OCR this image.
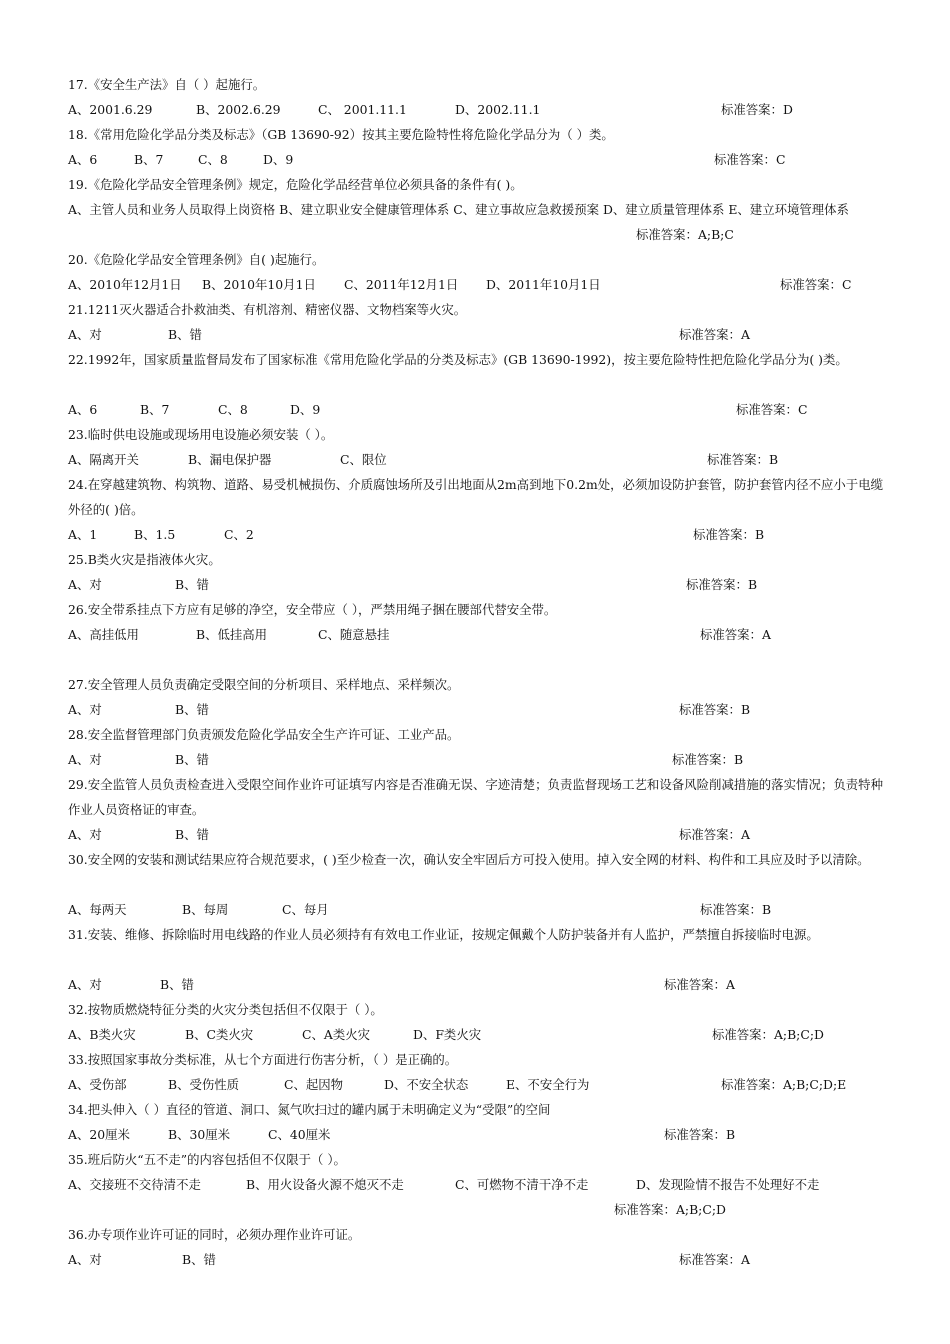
17.《安全生产法》自（ ）起施行。
A、2001.6.29	B、2002.6.29	C、 2001.11.1	D、2002.11.1	标准答案：D
18.《常用危险化学品分类及标志》（GB 13690-92）按其主要危险特性将危险化学品分为（ ）类。
A、6	B、7	C、8	D、9	标准答案：C
19.《危险化学品安全管理条例》规定，危险化学品经营单位必须具备的条件有( )。
A、主管人员和业务人员取得上岗资格 B、建立职业安全健康管理体系 C、建立事故应急救援预案 D、建立质量管理体系 E、建立环境管理体系
标准答案：A;B;C
20.《危险化学品安全管理条例》自( )起施行。
A、2010年12月1日 B、2010年10月1日 C、2011年12月1日 D、2011年10月1日	标准答案：C
21.1211灭火器适合扑救油类、有机溶剂、精密仪器、文物档案等火灾。
A、对	B、错	标准答案：A
22.1992年，国家质量监督局发布了国家标准《常用危险化学品的分类及标志》(GB 13690-1992)，按主要危险特性把危险化学品分为( )类。
A、6	B、7	C、8	D、9	标准答案：C
23.临时供电设施或现场用电设施必须安装（ ）。
A、隔离开关	B、漏电保护器	C、限位	标准答案：B
24.在穿越建筑物、构筑物、道路、易受机械损伤、介质腐蚀场所及引出地面从2m高到地下0.2m处，必须加设防护套管，防护套管内径不应小于电缆外径的( )倍。
A、1	B、1.5	C、2	标准答案：B
25.B类火灾是指液体火灾。
A、对	B、错	标准答案：B
26.安全带系挂点下方应有足够的净空，安全带应（ ），严禁用绳子捆在腰部代替安全带。
A、高挂低用	B、低挂高用	C、随意悬挂	标准答案：A
27.安全管理人员负责确定受限空间的分析项目、采样地点、采样频次。
A、对	B、错	标准答案：B
28.安全监督管理部门负责颁发危险化学品安全生产许可证、工业产品。
A、对	B、错	标准答案：B
29.安全监管人员负责检查进入受限空间作业许可证填写内容是否准确无误、字迹清楚；负责监督现场工艺和设备风险削减措施的落实情况；负责特种作业人员资格证的审查。
A、对	B、错	标准答案：A
30.安全网的安装和测试结果应符合规范要求，( )至少检查一次，确认安全牢固后方可投入使用。掉入安全网的材料、构件和工具应及时予以清除。
A、每两天	B、每周	C、每月	标准答案：B
31.安装、维修、拆除临时用电线路的作业人员必须持有有效电工作业证，按规定佩戴个人防护装备并有人监护，严禁擅自拆接临时电源。
A、对	B、错	标准答案：A
32.按物质燃烧特征分类的火灾分类包括但不仅限于（ ）。
A、B类火灾	B、C类火灾	C、A类火灾	D、F类火灾	标准答案：A;B;C;D
33.按照国家事故分类标准，从七个方面进行伤害分析，（ ）是正确的。
A、受伤部	B、受伤性质	C、起因物	D、不安全状态	E、不安全行为	标准答案：A;B;C;D;E
34.把头伸入（ ）直径的管道、洞口、氮气吹扫过的罐内属于未明确定义为“受限”的空间
A、20厘米	B、30厘米	C、40厘米	标准答案：B
35.班后防火“五不走”的内容包括但不仅限于（ ）。
A、交接班不交待清不走	B、用火设备火源不熄灭不走	C、可燃物不清干净不走	D、发现险情不报告不处理好不走
标准答案：A;B;C;D
36.办专项作业许可证的同时，必须办理作业许可证。
A、对	B、错	标准答案：A
